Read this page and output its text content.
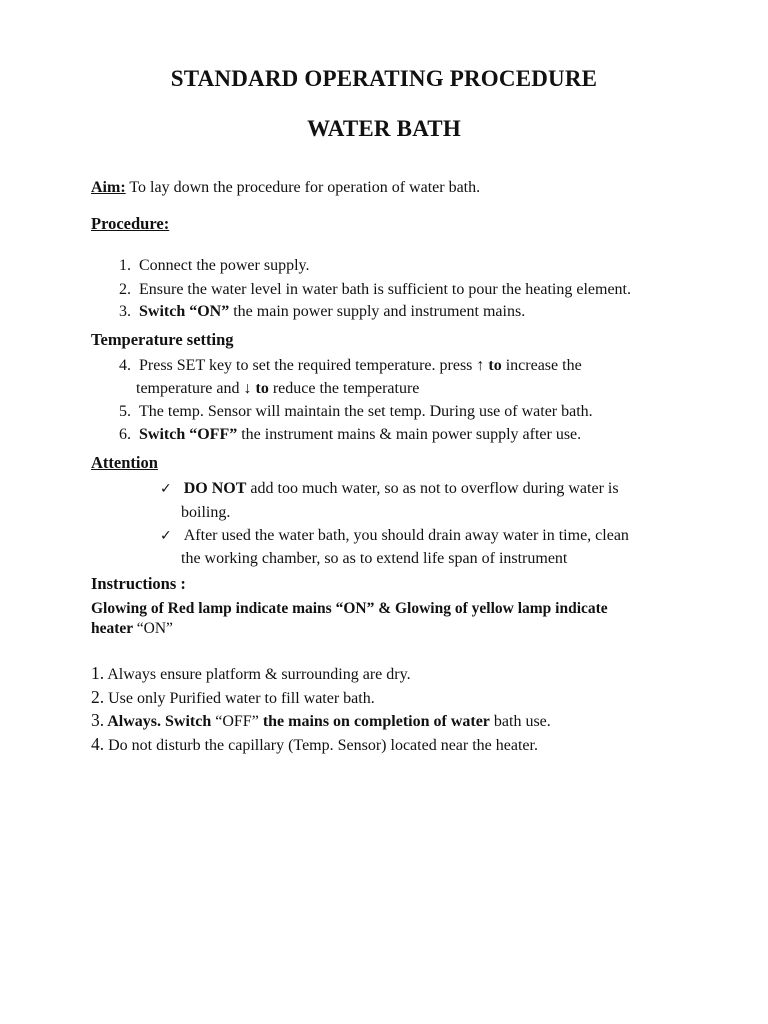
STANDARD OPERATING PROCEDURE
WATER BATH
Aim: To lay down the procedure for operation of water bath.
Procedure:
1. Connect the power supply.
2. Ensure the water level in water bath is sufficient to pour the heating element.
3. Switch “ON” the main power supply and instrument mains.
Temperature setting
4. Press SET key to set the required temperature. press ↑ to increase the
temperature and ↓ to reduce the temperature
5. The temp. Sensor will maintain the set temp. During use of water bath.
6. Switch “OFF” the instrument mains & main power supply after use.
Attention
✓ DO NOT add too much water, so as not to overflow during water is
boiling.
✓ After used the water bath, you should drain away water in time, clean
the working chamber, so as to extend life span of instrument
Instructions :
Glowing of Red lamp indicate mains “ON” & Glowing of yellow lamp indicate
heater “ON”
1. Always ensure platform & surrounding are dry.
2. Use only Purified water to fill water bath.
3. Always. Switch “OFF” the mains on completion of water bath use.
4. Do not disturb the capillary (Temp. Sensor) located near the heater.
